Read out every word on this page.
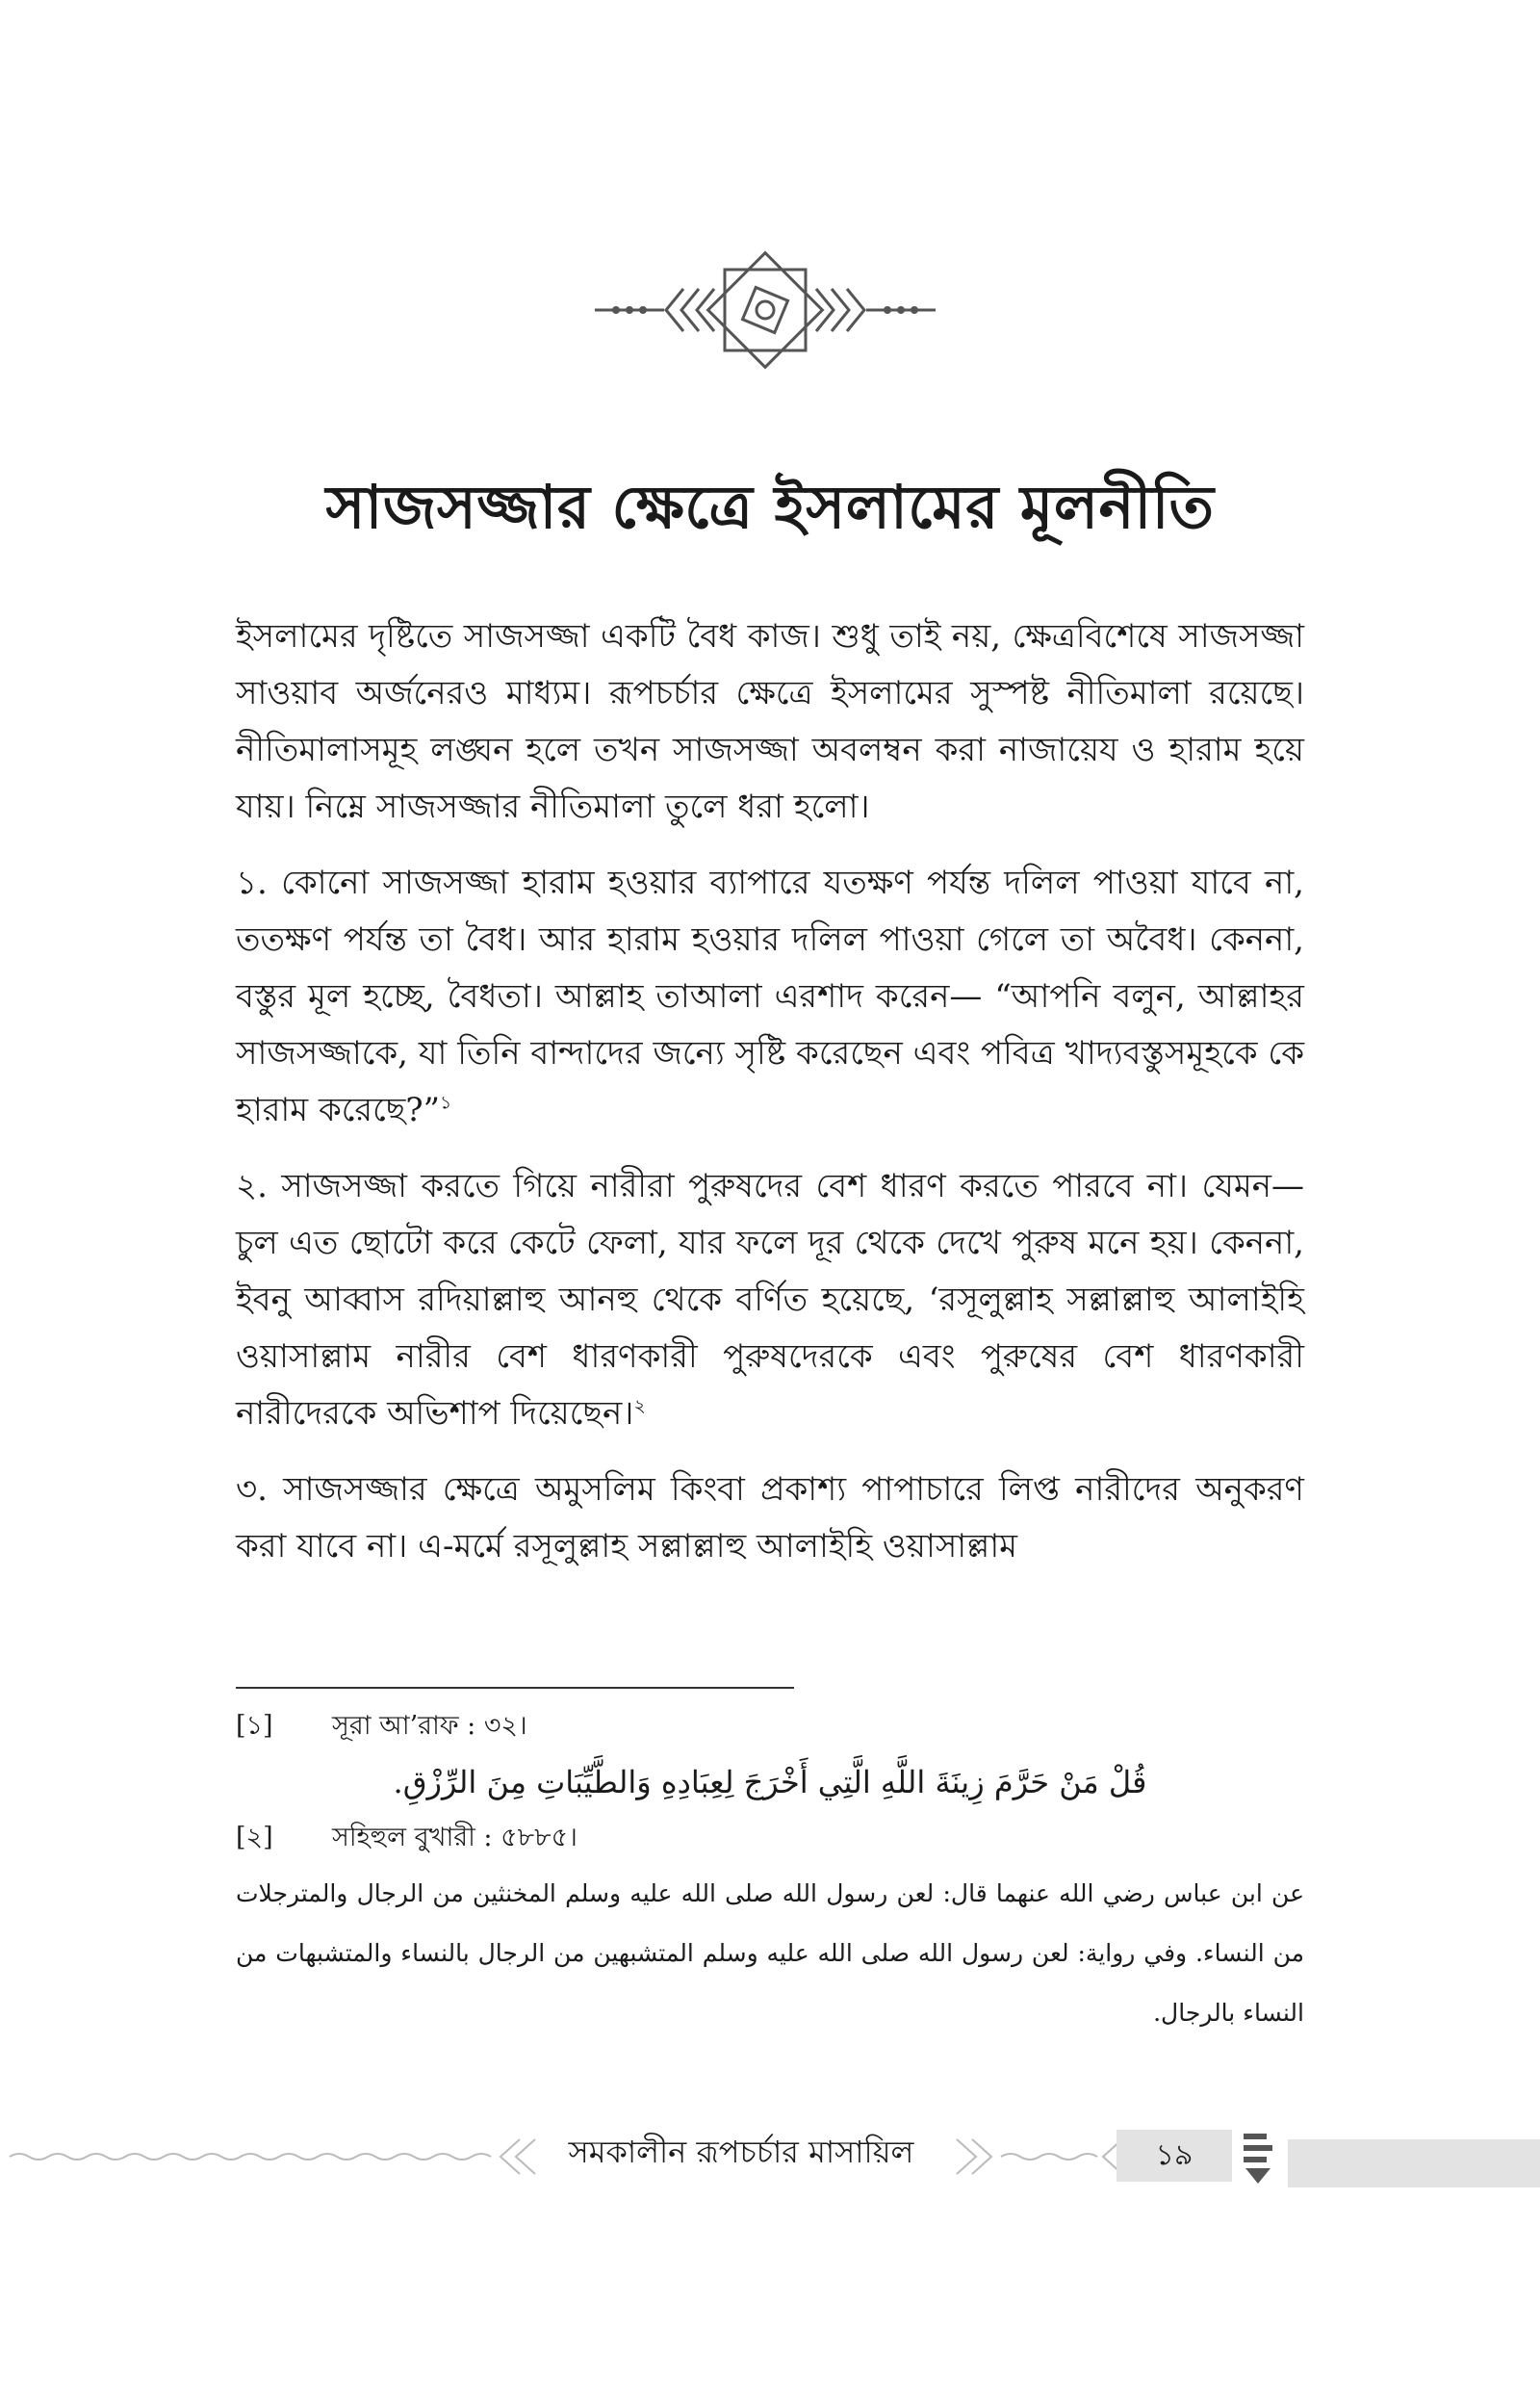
সাজসজ্জার ক্ষেত্রে ইসলামের মূলনীতি

ইসলামের দৃষ্টিতে সাজসজ্জা একটি বৈধ কাজ। শুধু তাই নয়, ক্ষেত্রবিশেষে সাজসজ্জা সাওয়াব অর্জনেরও মাধ্যম। রূপচর্চার ক্ষেত্রে ইসলামের সুস্পষ্ট নীতিমালা রয়েছে। নীতিমালাসমূহ লঙ্ঘন হলে তখন সাজসজ্জা অবলম্বন করা নাজায়েয ও হারাম হয়ে যায়। নিম্নে সাজসজ্জার নীতিমালা তুলে ধরা হলো।

১. কোনো সাজসজ্জা হারাম হওয়ার ব্যাপারে যতক্ষণ পর্যন্ত দলিল পাওয়া যাবে না, ততক্ষণ পর্যন্ত তা বৈধ। আর হারাম হওয়ার দলিল পাওয়া গেলে তা অবৈধ। কেননা, বস্তুর মূল হচ্ছে, বৈধতা। আল্লাহ তাআলা এরশাদ করেন— “আপনি বলুন, আল্লাহর সাজসজ্জাকে, যা তিনি বান্দাদের জন্যে সৃষ্টি করেছেন এবং পবিত্র খাদ্যবস্তুসমূহকে কে হারাম করেছে?”$^১$

২. সাজসজ্জা করতে গিয়ে নারীরা পুরুষদের বেশ ধারণ করতে পারবে না। যেমন—চুল এত ছোটো করে কেটে ফেলা, যার ফলে দূর থেকে দেখে পুরুষ মনে হয়। কেননা, ইবনু আব্বাস রদিয়াল্লাহু আনহু থেকে বর্ণিত হয়েছে, ‘রসূলুল্লাহ সল্লাল্লাহু আলাইহি ওয়াসাল্লাম নারীর বেশ ধারণকারী পুরুষদেরকে এবং পুরুষের বেশ ধারণকারী নারীদেরকে অভিশাপ দিয়েছেন।$^২$

৩. সাজসজ্জার ক্ষেত্রে অমুসলিম কিংবা প্রকাশ্য পাপাচারে লিপ্ত নারীদের অনুকরণ করা যাবে না। এ-মর্মে রসূলুল্লাহ সল্লাল্লাহু আলাইহি ওয়াসাল্লাম

[১] সূরা আ’রাফ : ৩২।

قُلْ مَنْ حَرَّمَ زِينَةَ اللَّهِ الَّتِي أَخْرَجَ لِعِبَادِهِ وَالطَّيِّبَاتِ مِنَ الرِّزْقِ.

[২] সহিহুল বুখারী : ৫৮৮৫।

عن ابن عباس رضي الله عنهما قال: لعن رسول الله صلى الله عليه وسلم المخنثين من الرجال والمترجلات من النساء. وفي رواية: لعن رسول الله صلى الله عليه وسلم المتشبهين من الرجال بالنساء والمتشبهات من النساء بالرجال.

সমকালীন রূপচর্চার মাসায়িল	১৯
